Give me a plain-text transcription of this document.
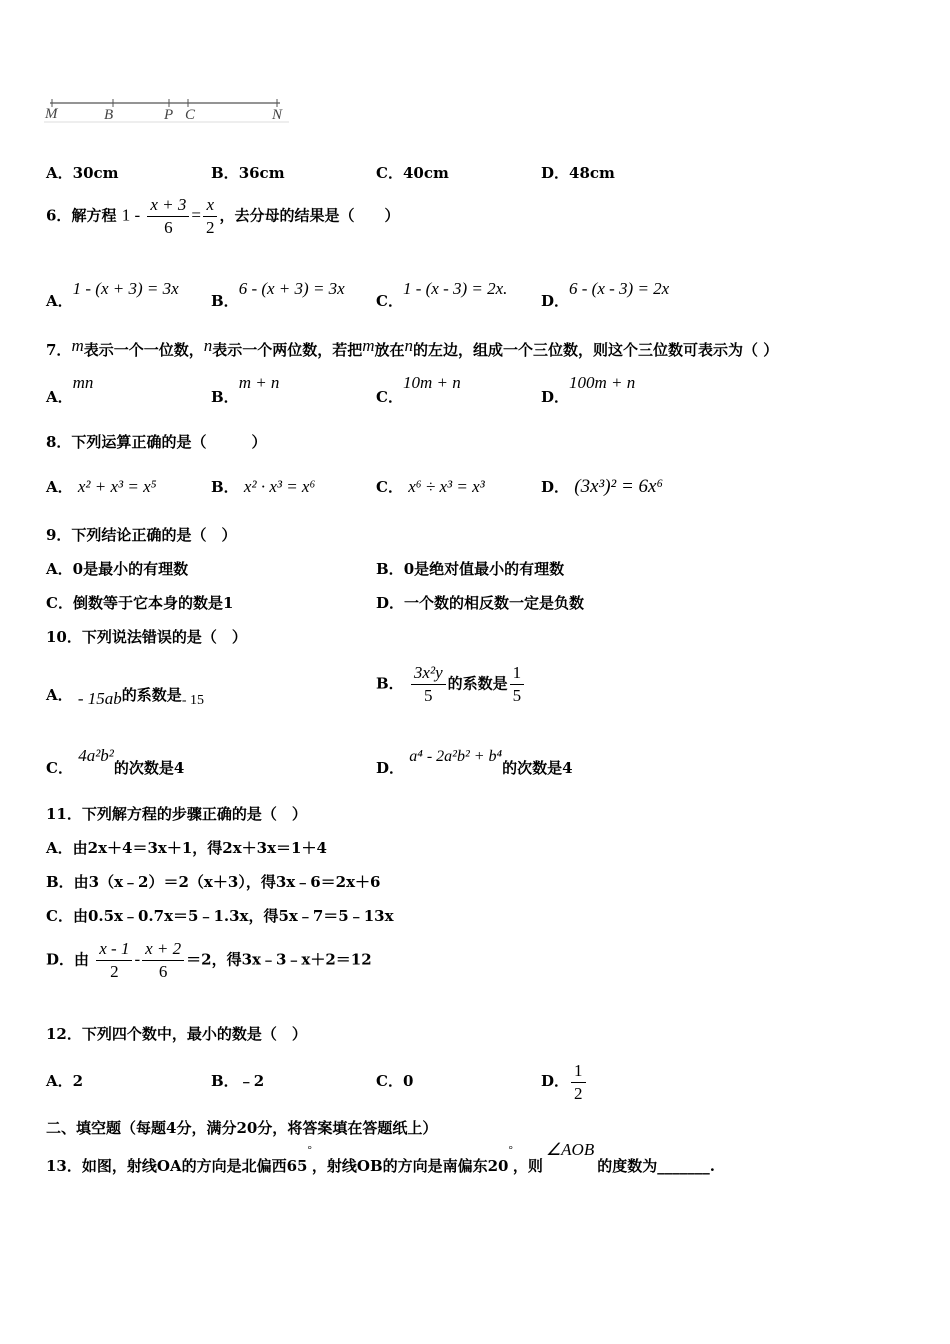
M	B	P C	N
A．30cm	B．36cm	C．40cm	D．48cm
6．解方程 $1 - \frac{x + 3}{6} = \frac{x}{2}$ ，去分母的结果是（　　）
A．1 - (x + 3) = 3x
B．6 - (x + 3) = 3x
C．1 - (x - 3) = 2x.
D．6 - (x - 3) = 2x
7．m表示一个一位数，n表示一个两位数，若把m放在n的左边，组成一个三位数，则这个三位数可表示为（ ）
A．mn
B．m + n
C．10m + n
D．100m + n
8．下列运算正确的是（　　　）
A． x² + x³ = x⁵	B． x² · x³ = x⁶	C． x⁶ ÷ x³ = x³	D． (3x³)² = 6x⁶
9．下列结论正确的是（　）
A．0是最小的有理数	B．0是绝对值最小的有理数
C．倒数等于它本身的数是1	D．一个数的相反数一定是负数
10．下列说法错误的是（　）
A． - 15ab的系数是- 15
B． $\frac{\text{3x²y}}{5}$ 的系数是 $\frac{1}{5}$
C． 4a²b²的次数是4	D． a⁴ - 2a²b² + b⁴的次数是4
11．下列解方程的步骤正确的是（　）
A．由2x＋4＝3x＋1，得2x＋3x＝1＋4
B．由3（x﹣2）＝2（x＋3），得3x﹣6＝2x＋6
C．由0.5x﹣0.7x＝5﹣1.3x，得5x﹣7＝5﹣13x
D．由 $\frac{x - 1}{2} - \frac{x + 2}{6} =2$，得3x﹣3﹣x＋2＝12
12．下列四个数中，最小的数是（　）
A．2	B．﹣2	C．0	D． $\frac{1}{2}$
二、填空题（每题4分，满分20分，将答案填在答题纸上）
13．如图，射线OA的方向是北偏西65°，射线OB的方向是南偏东20°，则∠AOB的度数为_______.
